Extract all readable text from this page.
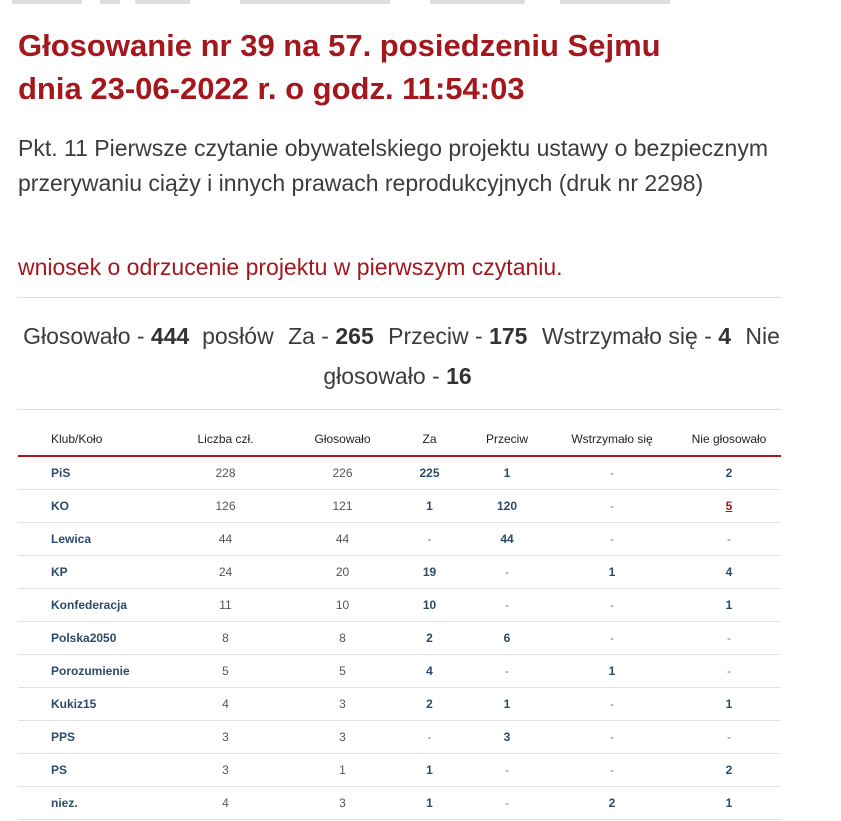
Głosowanie nr 39 na 57. posiedzeniu Sejmu
dnia 23-06-2022 r. o godz. 11:54:03

Pkt. 11 Pierwsze czytanie obywatelskiego projektu ustawy o bezpiecznym przerywaniu ciąży i innych prawach reprodukcyjnych (druk nr 2298)

wniosek o odrzucenie projektu w pierwszym czytaniu.

Głosowało - 444 posłów Za - 265 Przeciw - 175 Wstrzymało się - 4 Nie głosowało - 16
Klub/Koło	Liczba czł.	Głosowało	Za	Przeciw	Wstrzymało się	Nie głosowało
PiS	228	226	225	1	-	2
KO	126	121	1	120	-	5
Lewica	44	44	-	44	-	-
KP	24	20	19	-	1	4
Konfederacja	11	10	10	-	-	1
Polska2050	8	8	2	6	-	-
Porozumienie	5	5	4	-	1	-
Kukiz15	4	3	2	1	-	1
PPS	3	3	-	3	-	-
PS	3	1	1	-	-	2
niez.	4	3	1	-	2	1
